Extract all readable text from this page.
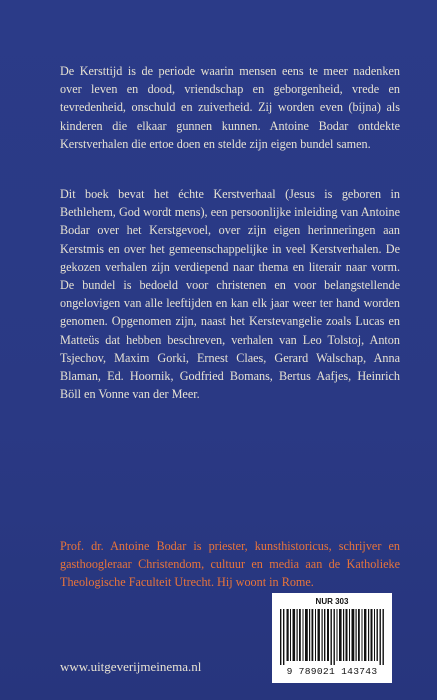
De Kersttijd is de periode waarin mensen eens te meer nadenken over leven en dood, vriendschap en geborgenheid, vrede en tevredenheid, onschuld en zuiverheid. Zij worden even (bijna) als kinderen die elkaar gunnen kunnen. Antoine Bodar ontdekte Kerstverhalen die ertoe doen en stelde zijn eigen bundel samen.

Dit boek bevat het échte Kerstverhaal (Jesus is geboren in Bethlehem, God wordt mens), een persoonlijke inleiding van Antoine Bodar over het Kerstgevoel, over zijn eigen herinneringen aan Kerstmis en over het gemeenschappelijke in veel Kerstverhalen. De gekozen verhalen zijn verdiepend naar thema en literair naar vorm. De bundel is bedoeld voor christenen en voor belangstellende ongelovigen van alle leeftijden en kan elk jaar weer ter hand worden genomen. Opgenomen zijn, naast het Kerstevangelie zoals Lucas en Matteüs dat hebben beschreven, verhalen van Leo Tolstoj, Anton Tsjechov, Maxim Gorki, Ernest Claes, Gerard Walschap, Anna Blaman, Ed. Hoornik, Godfried Bomans, Bertus Aafjes, Heinrich Böll en Vonne van der Meer.

Prof. dr. Antoine Bodar is priester, kunsthistoricus, schrijver en gasthoogleraar Christendom, cultuur en media aan de Katholieke Theologische Faculteit Utrecht. Hij woont in Rome.

NUR 303
9 789021 143743
www.uitgeverijmeinema.nl
